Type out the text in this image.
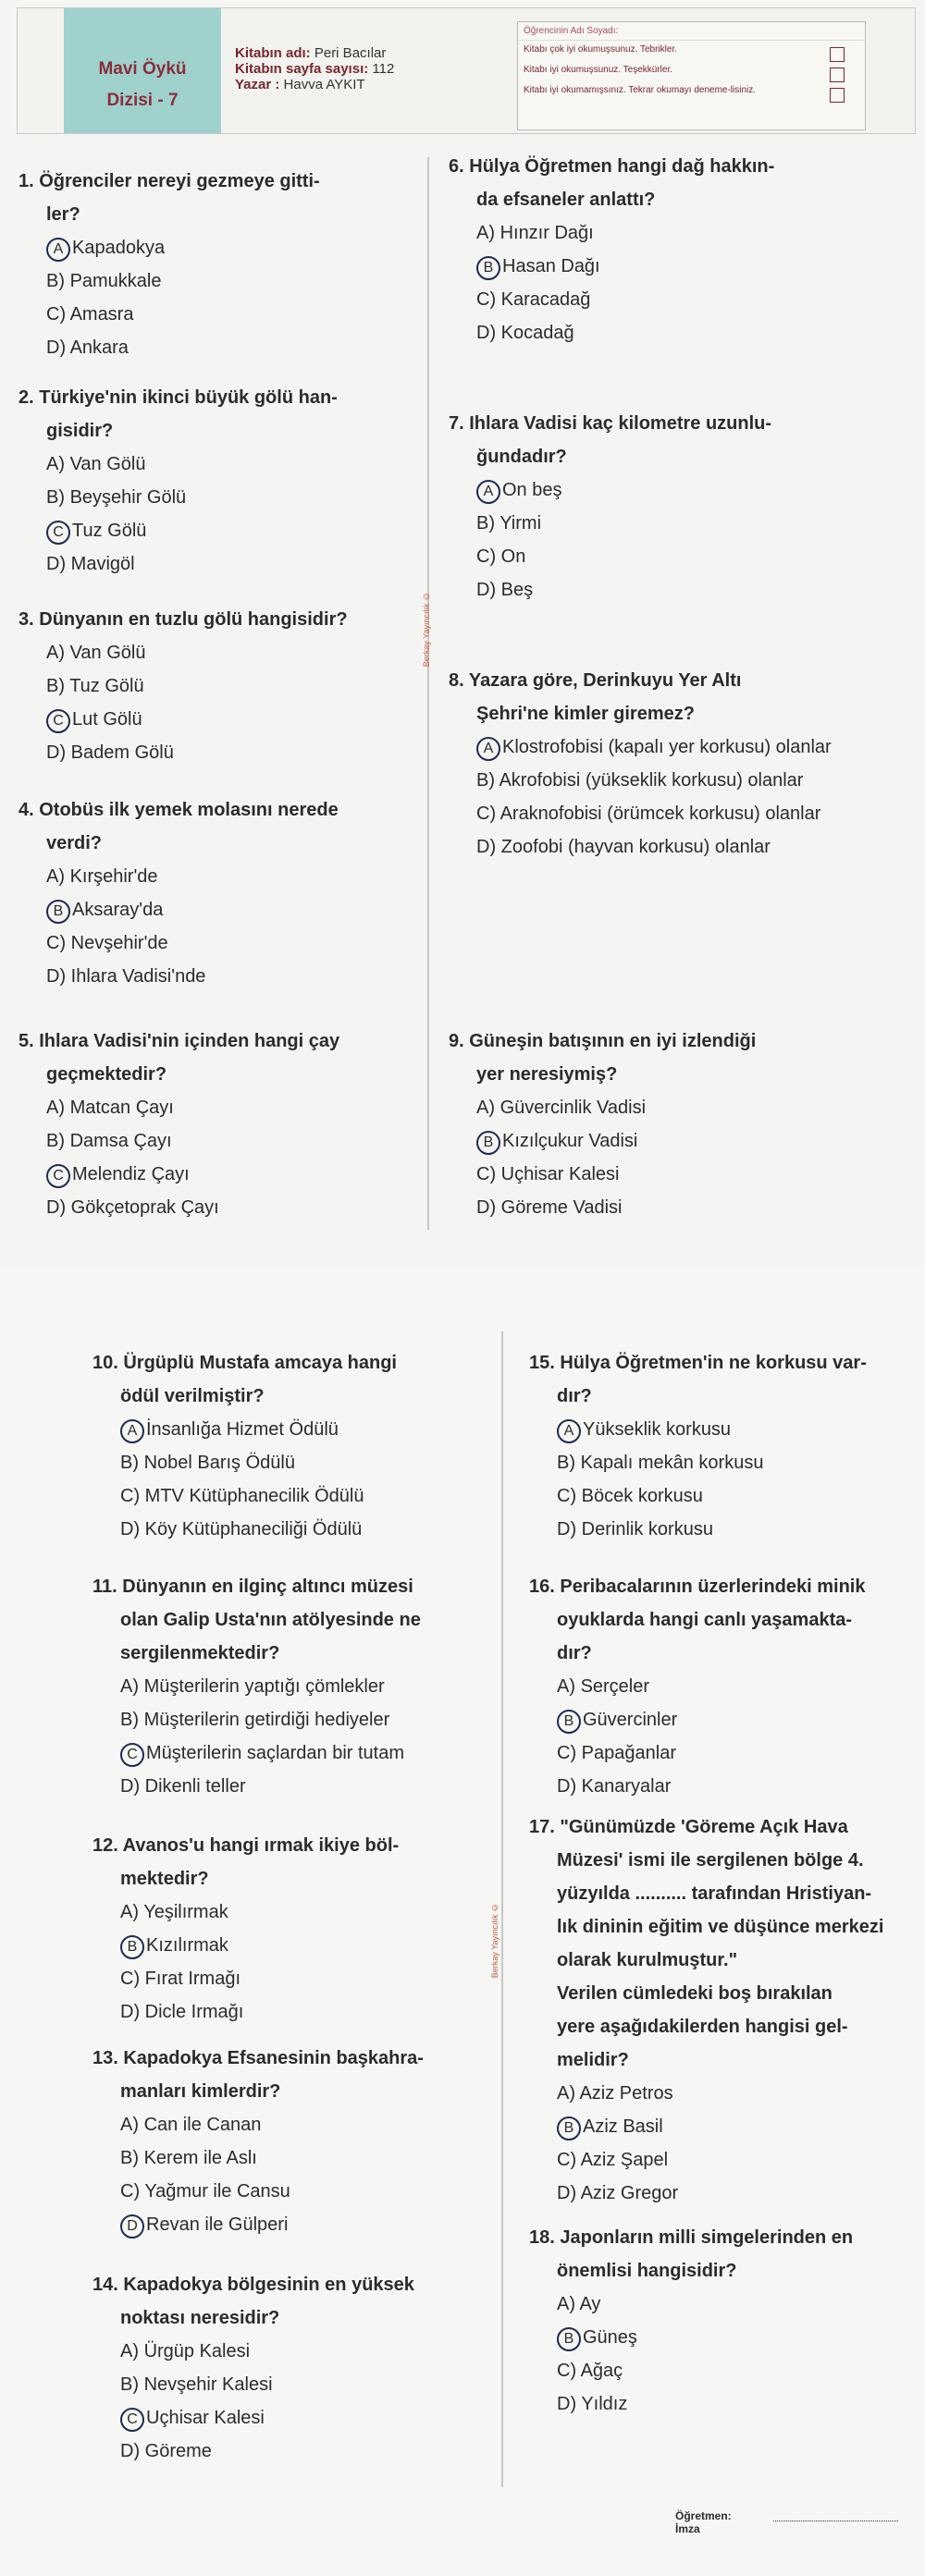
Mavi Öykü
Dizisi - 7
Kitabın adı: Peri Bacılar
Kitabın sayfa sayısı: 112
Yazar : Havva AYKIT
Öğrencinin Adı Soyadı:
Kitabı çok iyi okumuşsunuz. Tebrikler.
Kitabı iyi okumuşsunuz. Teşekkürler.
Kitabı iyi okumamışsınız. Tekrar okumayı deneme-lisiniz.
Berkay Yayıncılık ©
1. Öğrenciler nereyi gezmeye gitti-
ler?
A Kapadokya
B) Pamukkale
C) Amasra
D) Ankara
2. Türkiye'nin ikinci büyük gölü han-
gisidir?
A) Van Gölü
B) Beyşehir Gölü
C Tuz Gölü
D) Mavigöl
3. Dünyanın en tuzlu gölü hangisidir?
A) Van Gölü
B) Tuz Gölü
C Lut Gölü
D) Badem Gölü
4. Otobüs ilk yemek molasını nerede
verdi?
A) Kırşehir'de
B Aksaray'da
C) Nevşehir'de
D) Ihlara Vadisi'nde
5. Ihlara Vadisi'nin içinden hangi çay
geçmektedir?
A) Matcan Çayı
B) Damsa Çayı
C Melendiz Çayı
D) Gökçetoprak Çayı
6. Hülya Öğretmen hangi dağ hakkın-
da efsaneler anlattı?
A) Hınzır Dağı
B Hasan Dağı
C) Karacadağ
D) Kocadağ
7. Ihlara Vadisi kaç kilometre uzunlu-
ğundadır?
A On beş
B) Yirmi
C) On
D) Beş
8. Yazara göre, Derinkuyu Yer Altı
Şehri'ne kimler giremez?
A Klostrofobisi (kapalı yer korkusu) olanlar
B) Akrofobisi (yükseklik korkusu) olanlar
C) Araknofobisi (örümcek korkusu) olanlar
D) Zoofobi (hayvan korkusu) olanlar
9. Güneşin batışının en iyi izlendiği
yer neresiymiş?
A) Güvercinlik Vadisi
B Kızılçukur Vadisi
C) Uçhisar Kalesi
D) Göreme Vadisi
Berkay Yayıncılık ©
10. Ürgüplü Mustafa amcaya hangi
ödül verilmiştir?
A İnsanlığa Hizmet Ödülü
B) Nobel Barış Ödülü
C) MTV Kütüphanecilik Ödülü
D) Köy Kütüphaneciliği Ödülü
11. Dünyanın en ilginç altıncı müzesi
olan Galip Usta'nın atölyesinde ne
sergilenmektedir?
A) Müşterilerin yaptığı çömlekler
B) Müşterilerin getirdiği hediyeler
C Müşterilerin saçlardan bir tutam
D) Dikenli teller
12. Avanos'u hangi ırmak ikiye böl-
mektedir?
A) Yeşilırmak
B Kızılırmak
C) Fırat Irmağı
D) Dicle Irmağı
13. Kapadokya Efsanesinin başkahra-
manları kimlerdir?
A) Can ile Canan
B) Kerem ile Aslı
C) Yağmur ile Cansu
D Revan ile Gülperi
14. Kapadokya bölgesinin en yüksek
noktası neresidir?
A) Ürgüp Kalesi
B) Nevşehir Kalesi
C Uçhisar Kalesi
D) Göreme
15. Hülya Öğretmen'in ne korkusu var-
dır?
A Yükseklik korkusu
B) Kapalı mekân korkusu
C) Böcek korkusu
D) Derinlik korkusu
16. Peribacalarının üzerlerindeki minik
oyuklarda hangi canlı yaşamakta-
dır?
A) Serçeler
B Güvercinler
C) Papağanlar
D) Kanaryalar
17. "Günümüzde 'Göreme Açık Hava
Müzesi' ismi ile sergilenen bölge 4.
yüzyılda .......... tarafından Hristiyan-
lık dininin eğitim ve düşünce merkezi
olarak kurulmuştur."
Verilen cümledeki boş bırakılan
yere aşağıdakilerden hangisi gel-
melidir?
A) Aziz Petros
B Aziz Basil
C) Aziz Şapel
D) Aziz Gregor
18. Japonların milli simgelerinden en
önemlisi hangisidir?
A) Ay
B Güneş
C) Ağaç
D) Yıldız
Öğretmen:
İmza
